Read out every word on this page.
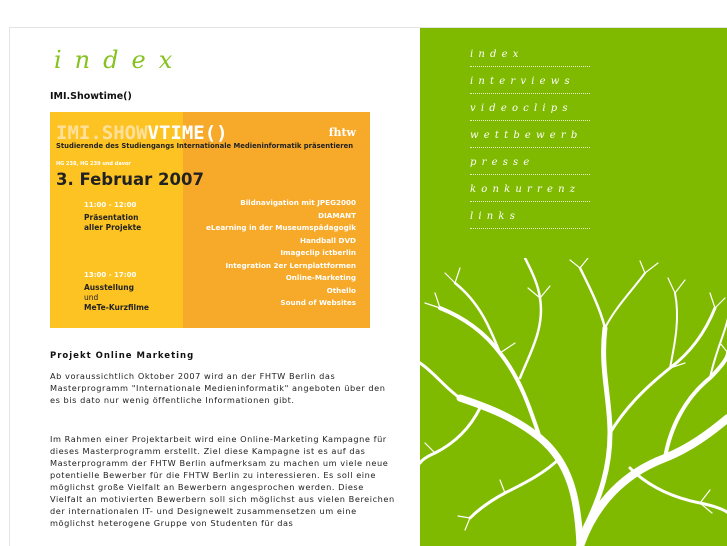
index
IMI.Showtime()
IMI.SHOWVTIME()	fhtw
Studierende des Studiengangs Internationale Medieninformatik präsentieren
HG 238, HG 239 und davor
3. Februar 2007
11:00 - 12:00
Präsentation
aller Projekte
13:00 - 17:00
Ausstellung
und
MeTe-Kurzfilme
Bildnavigation mit JPEG2000
DIAMANT
eLearning in der Museumspädagogik
Handball DVD
Imageclip ictberlin
Integration 2er Lernplattformen
Online-Marketing
Othello
Sound of Websites
Projekt Online Marketing

Ab voraussichtlich Oktober 2007 wird an der FHTW Berlin das Masterprogramm "Internationale Medieninformatik" angeboten über den es bis dato nur wenig öffentliche Informationen gibt.

Im Rahmen einer Projektarbeit wird eine Online-Marketing Kampagne für dieses Masterprogramm erstellt. Ziel diese Kampagne ist es auf das Masterprogramm der FHTW Berlin aufmerksam zu machen um viele neue potentielle Bewerber für die FHTW Berlin zu interessieren. Es soll eine möglichst große Vielfalt an Bewerbern angesprochen werden. Diese Vielfalt an motivierten Bewerbern soll sich möglichst aus vielen Bereichen der internationalen IT- und Designewelt zusammensetzen um eine möglichst heterogene Gruppe von Studenten für das

index
interviews
videoclips
wettbewerb
presse
konkurrenz
links
